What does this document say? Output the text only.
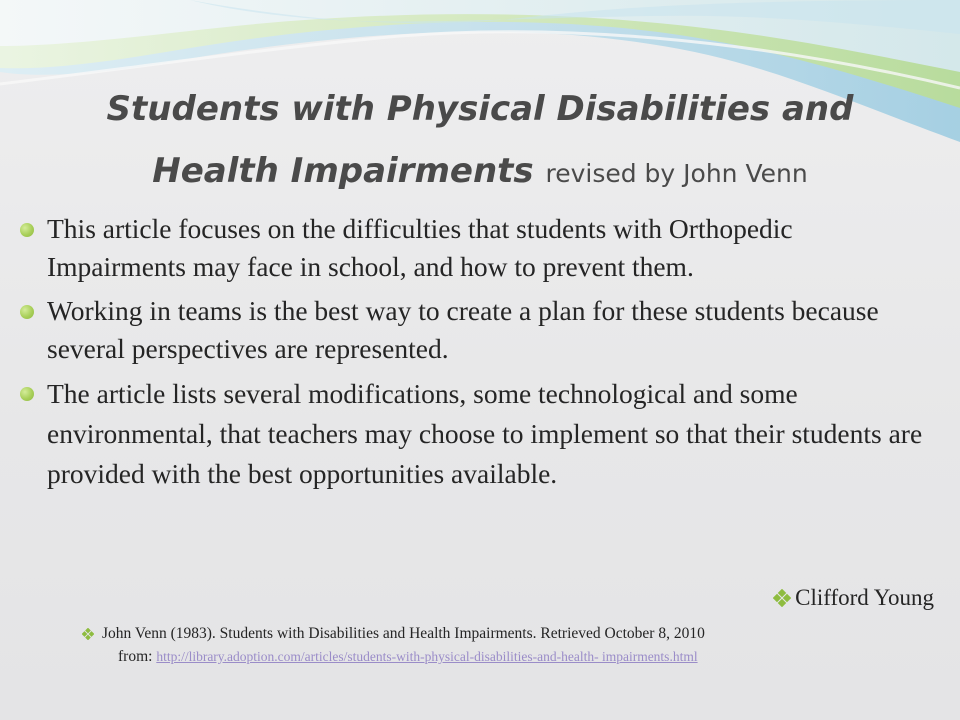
Students with Physical Disabilities and Health Impairments revised by John Venn
This article focuses on the difficulties that students with Orthopedic Impairments may face in school, and how to prevent them.
Working in teams is the best way to create a plan for these students because several perspectives are represented.
The article lists several modifications, some technological and some environmental, that teachers may choose to implement so that their students are provided with the best opportunities available.
Clifford Young
John Venn (1983). Students with Disabilities and Health Impairments. Retrieved October 8, 2010
from: http://library.adoption.com/articles/students-with-physical-disabilities-and-health- impairments.html
